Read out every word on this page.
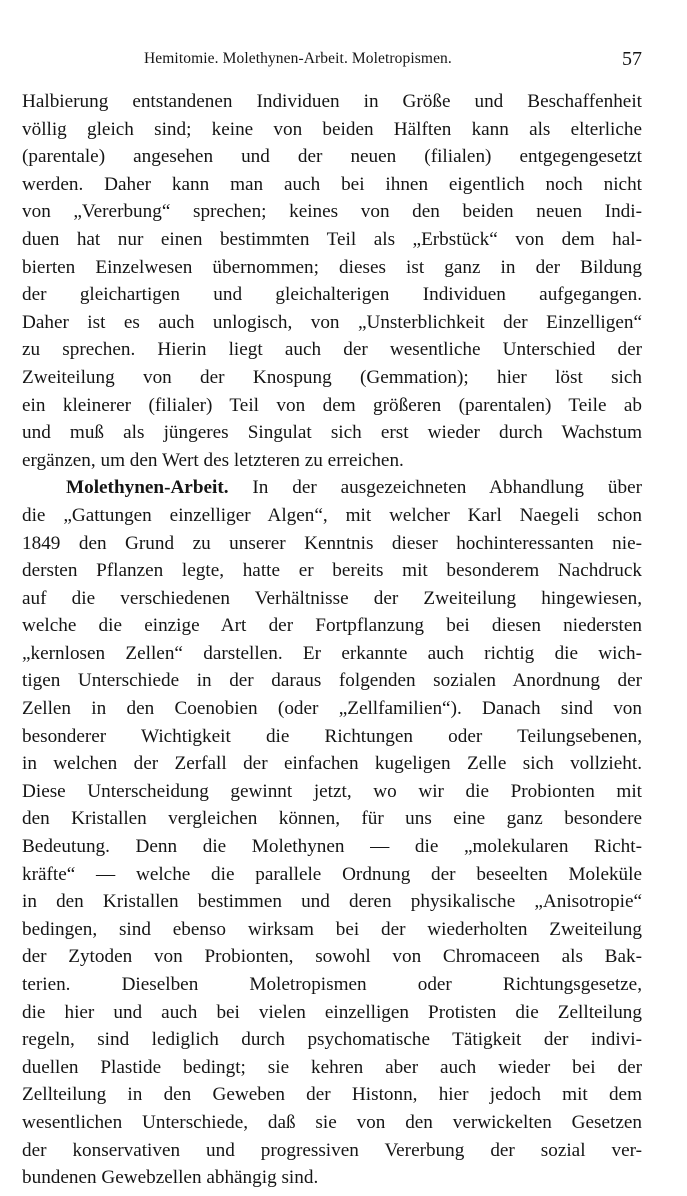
Hemitomie. Molethynen-Arbeit. Moletropismen.	57
Halbierung entstandenen Individuen in Größe und Beschaffenheit
völlig gleich sind; keine von beiden Hälften kann als elterliche
(parentale) angesehen und der neuen (filialen) entgegengesetzt
werden. Daher kann man auch bei ihnen eigentlich noch nicht
von „Vererbung“ sprechen; keines von den beiden neuen Indi-
duen hat nur einen bestimmten Teil als „Erbstück“ von dem hal-
bierten Einzelwesen übernommen; dieses ist ganz in der Bildung
der gleichartigen und gleichalterigen Individuen aufgegangen.
Daher ist es auch unlogisch, von „Unsterblichkeit der Einzelligen“
zu sprechen. Hierin liegt auch der wesentliche Unterschied der
Zweiteilung von der Knospung (Gemmation); hier löst sich
ein kleinerer (filialer) Teil von dem größeren (parentalen) Teile ab
und muß als jüngeres Singulat sich erst wieder durch Wachstum
ergänzen, um den Wert des letzteren zu erreichen.
Molethynen-Arbeit. In der ausgezeichneten Abhandlung über
die „Gattungen einzelliger Algen“, mit welcher Karl Naegeli schon
1849 den Grund zu unserer Kenntnis dieser hochinteressanten nie-
dersten Pflanzen legte, hatte er bereits mit besonderem Nachdruck
auf die verschiedenen Verhältnisse der Zweiteilung hingewiesen,
welche die einzige Art der Fortpflanzung bei diesen niedersten
„kernlosen Zellen“ darstellen. Er erkannte auch richtig die wich-
tigen Unterschiede in der daraus folgenden sozialen Anordnung der
Zellen in den Coenobien (oder „Zellfamilien“). Danach sind von
besonderer Wichtigkeit die Richtungen oder Teilungsebenen,
in welchen der Zerfall der einfachen kugeligen Zelle sich vollzieht.
Diese Unterscheidung gewinnt jetzt, wo wir die Probionten mit
den Kristallen vergleichen können, für uns eine ganz besondere
Bedeutung. Denn die Molethynen — die „molekularen Richt-
kräfte“ — welche die parallele Ordnung der beseelten Moleküle
in den Kristallen bestimmen und deren physikalische „Anisotropie“
bedingen, sind ebenso wirksam bei der wiederholten Zweiteilung
der Zytoden von Probionten, sowohl von Chromaceen als Bak-
terien. Dieselben Moletropismen oder Richtungsgesetze,
die hier und auch bei vielen einzelligen Protisten die Zellteilung
regeln, sind lediglich durch psychomatische Tätigkeit der indivi-
duellen Plastide bedingt; sie kehren aber auch wieder bei der
Zellteilung in den Geweben der Histonn, hier jedoch mit dem
wesentlichen Unterschiede, daß sie von den verwickelten Gesetzen
der konservativen und progressiven Vererbung der sozial ver-
bundenen Gewebzellen abhängig sind.
